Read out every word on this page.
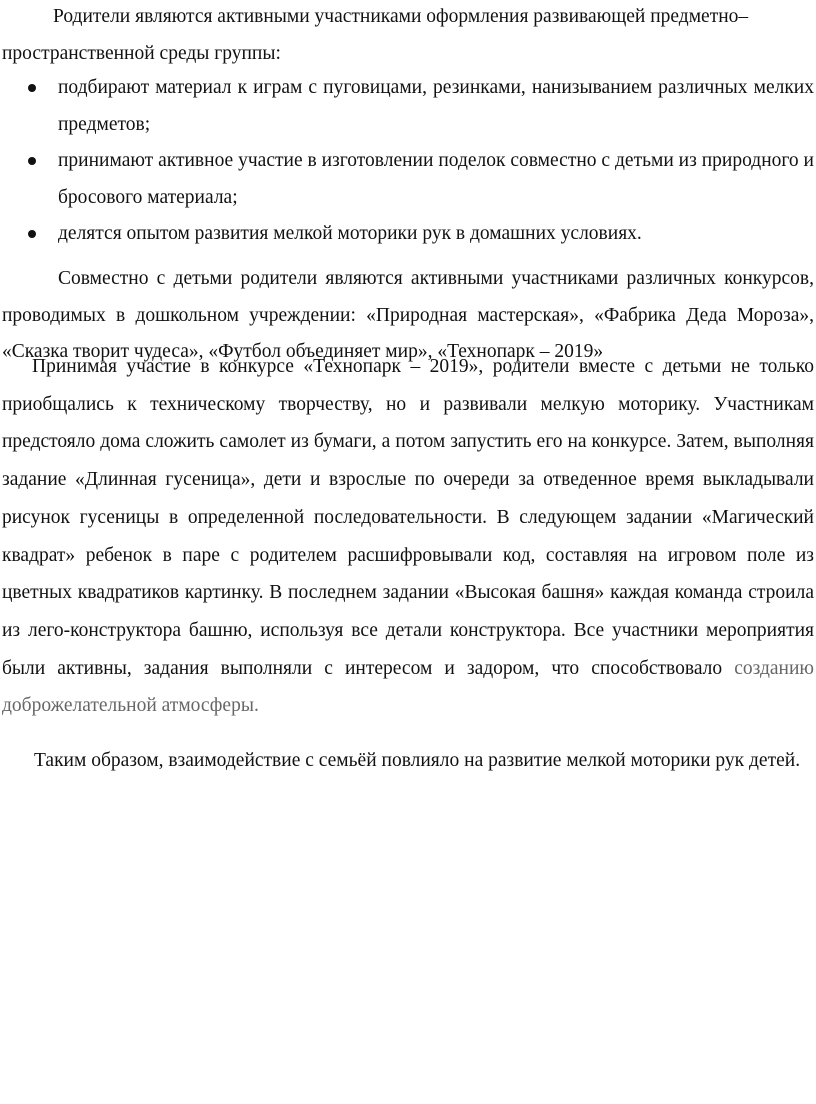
Родители являются активными участниками оформления развивающей предметно–пространственной среды группы:

подбирают материал к играм с пуговицами, резинками, нанизыванием различных мелких предметов;
принимают активное участие в изготовлении поделок совместно с детьми из природного и бросового материала;
делятся опытом развития мелкой моторики рук в домашних условиях.

Совместно с детьми родители являются активными участниками различных конкурсов, проводимых в дошкольном учреждении: «Природная мастерская», «Фабрика Деда Мороза», «Сказка творит чудеса», «Футбол объединяет мир», «Технопарк – 2019»

Принимая участие в конкурсе «Технопарк – 2019», родители вместе с детьми не только приобщались к техническому творчеству, но и развивали мелкую моторику. Участникам предстояло дома сложить самолет из бумаги, а потом запустить его на конкурсе. Затем, выполняя задание «Длинная гусеница», дети и взрослые по очереди за отведенное время выкладывали рисунок гусеницы в определенной последовательности. В следующем задании «Магический квадрат» ребенок в паре с родителем расшифровывали код, составляя на игровом поле из цветных квадратиков картинку. В последнем задании «Высокая башня» каждая команда строила из лего-конструктора башню, используя все детали конструктора. Все участники мероприятия были активны, задания выполняли с интересом и задором, что способствовало созданию доброжелательной атмосферы.

Таким образом, взаимодействие с семьёй повлияло на развитие мелкой моторики рук детей.
